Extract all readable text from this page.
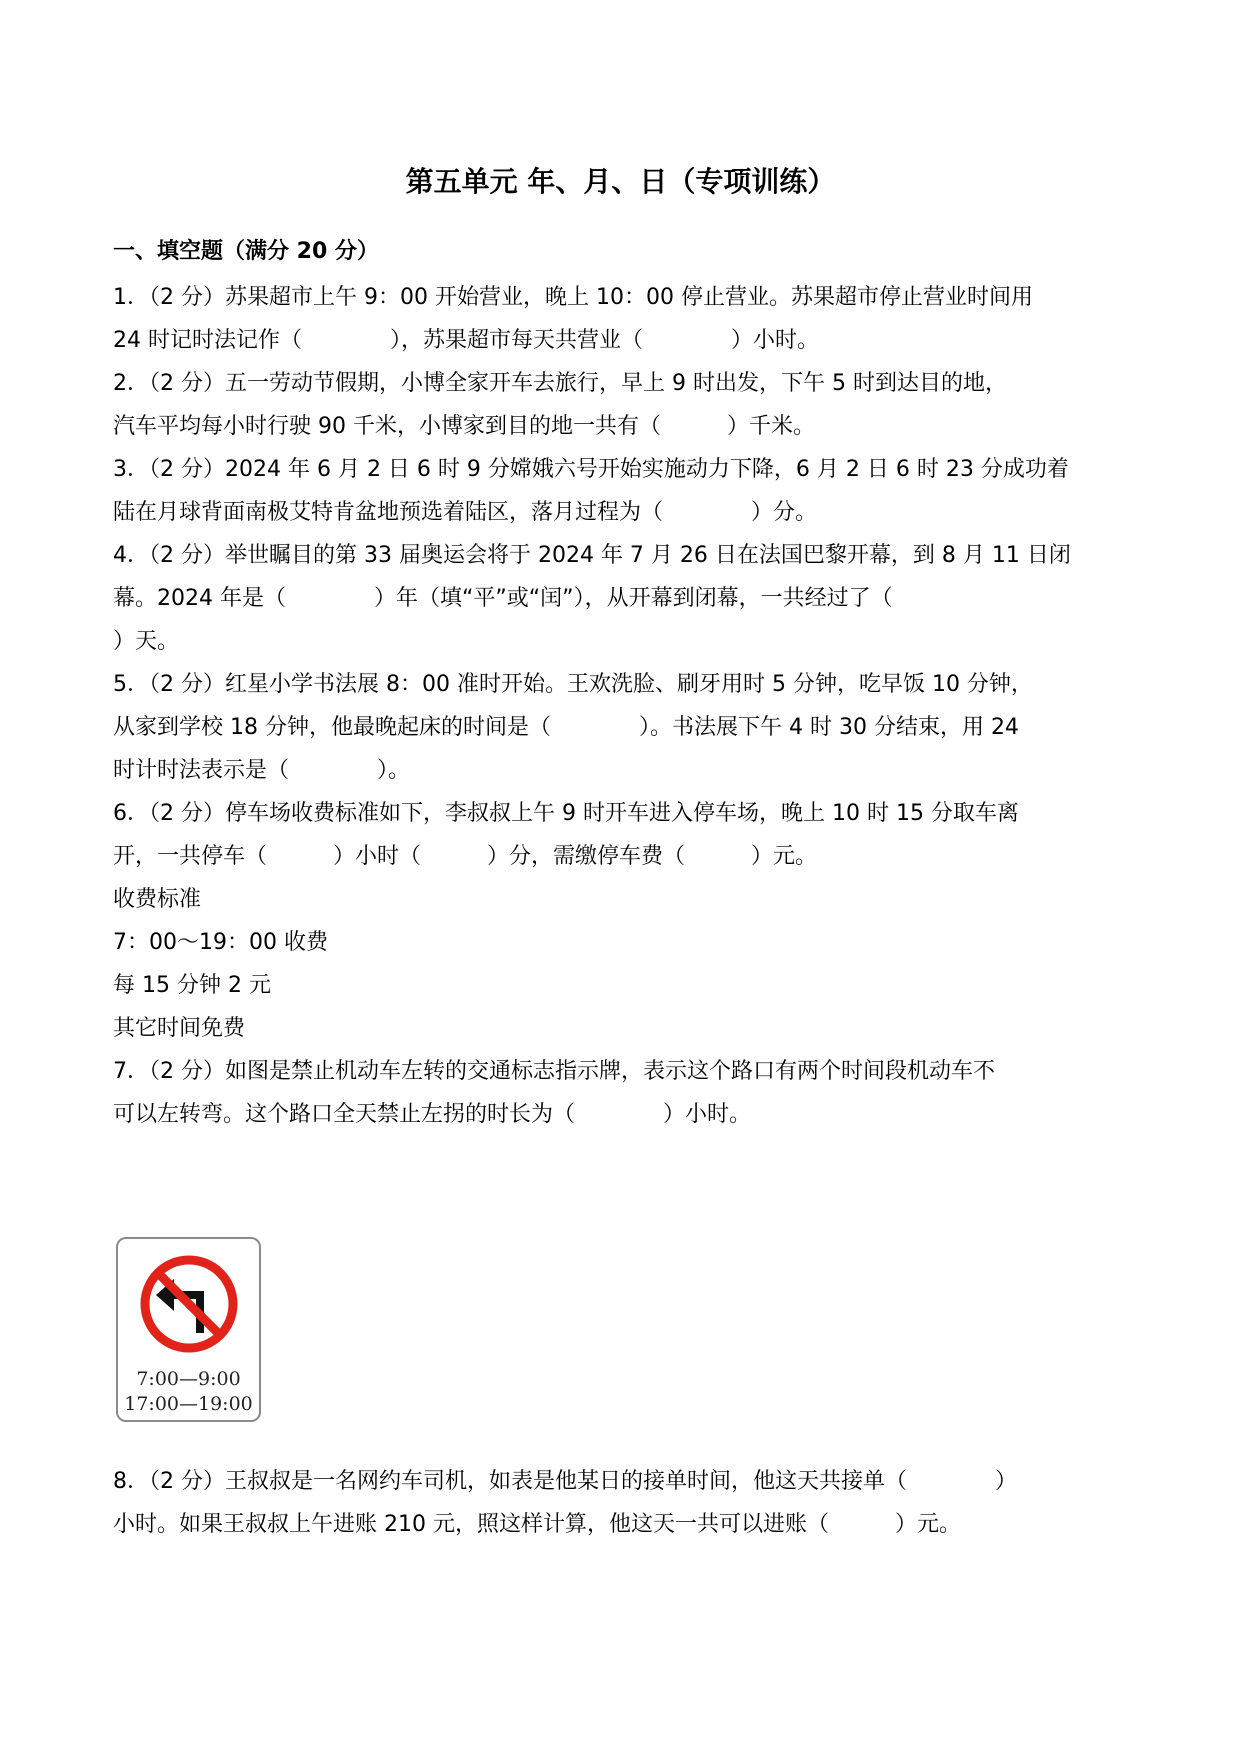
第五单元 年、月、日（专项训练）
一、填空题（满分 20 分）
1．（2 分）苏果超市上午 9：00 开始营业，晚上 10：00 停止营业。苏果超市停止营业时间用
24 时记时法记作（　　　　），苏果超市每天共营业（　　　　）小时。
2．（2 分）五一劳动节假期，小博全家开车去旅行，早上 9 时出发，下午 5 时到达目的地，
汽车平均每小时行驶 90 千米，小博家到目的地一共有（　　　）千米。
3．（2 分）2024 年 6 月 2 日 6 时 9 分嫦娥六号开始实施动力下降，6 月 2 日 6 时 23 分成功着
陆在月球背面南极艾特肯盆地预选着陆区，落月过程为（　　　　）分。
4．（2 分）举世瞩目的第 33 届奥运会将于 2024 年 7 月 26 日在法国巴黎开幕，到 8 月 11 日闭
幕。2024 年是（　　　　）年（填“平”或“闰”），从开幕到闭幕，一共经过了（
）天。
5．（2 分）红星小学书法展 8：00 准时开始。王欢洗脸、刷牙用时 5 分钟，吃早饭 10 分钟，
从家到学校 18 分钟，他最晚起床的时间是（　　　　）。书法展下午 4 时 30 分结束，用 24
时计时法表示是（　　　　）。
6．（2 分）停车场收费标准如下，李叔叔上午 9 时开车进入停车场，晚上 10 时 15 分取车离
开，一共停车（　　　）小时（　　　）分，需缴停车费（　　　）元。
收费标准
7：00～19：00 收费
每 15 分钟 2 元
其它时间免费
7．（2 分）如图是禁止机动车左转的交通标志指示牌，表示这个路口有两个时间段机动车不
可以左转弯。这个路口全天禁止左拐的时长为（　　　　）小时。
7:00—9:00
17:00—19:00
8．（2 分）王叔叔是一名网约车司机，如表是他某日的接单时间，他这天共接单（　　　　）
小时。如果王叔叔上午进账 210 元，照这样计算，他这天一共可以进账（　　　）元。
